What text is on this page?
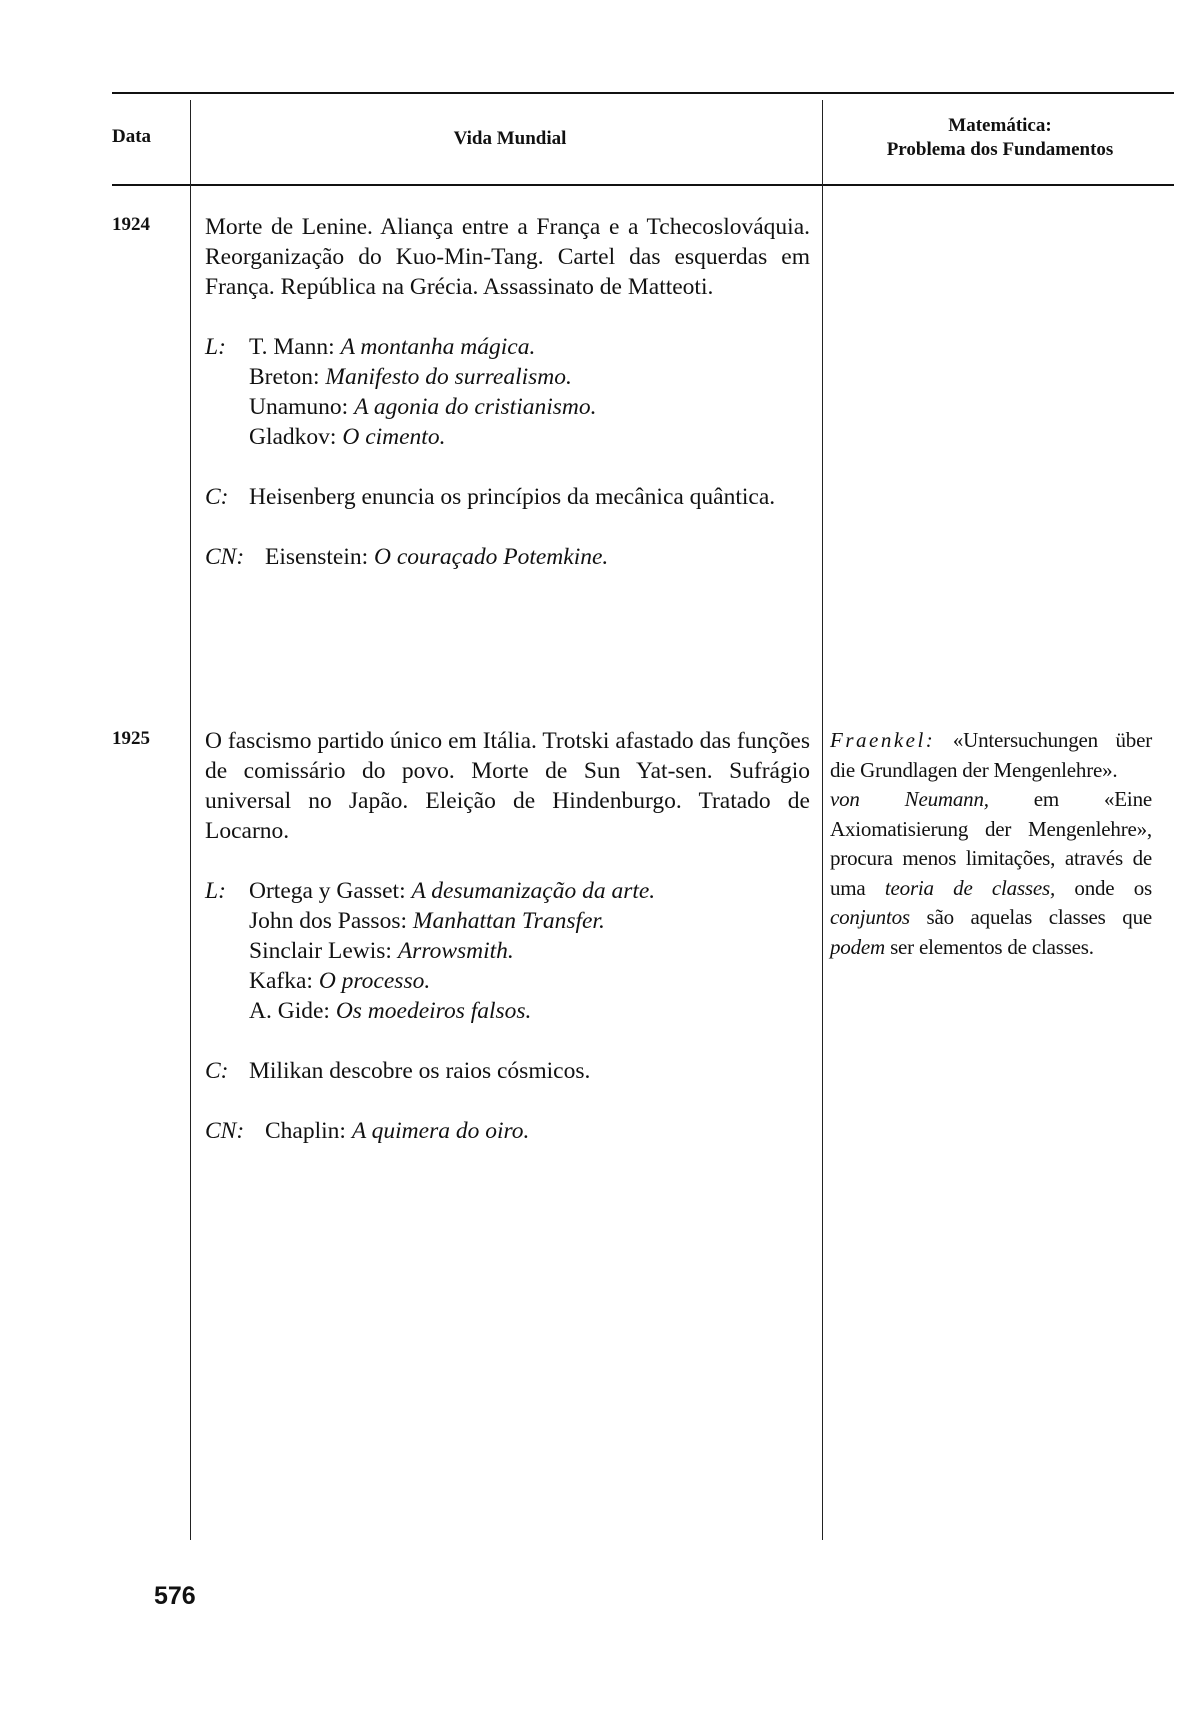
Data	Vida Mundial
Matemática:
Problema dos Fundamentos
1924 Morte de Lenine. Aliança entre a França e a Tchecoslováquia. Reorganização do Kuo-Min-Tang. Cartel das esquerdas em França. República na Grécia. Assassinato de Matteoti.

L: T. Mann: A montanha mágica.
Breton: Manifesto do surrealismo.
Unamuno: A agonia do cristianismo.
Gladkov: O cimento.
C: Heisenberg enuncia os princípios da mecânica quântica.
CN: Eisenstein: O couraçado Potemkine.
1925 O fascismo partido único em Itália. Trotski afastado das funções de comissário do povo. Morte de Sun Yat-sen. Sufrágio universal no Japão. Eleição de Hindenburgo. Tratado de Locarno.

L: Ortega y Gasset: A desumanização da arte.
John dos Passos: Manhattan Transfer.
Sinclair Lewis: Arrowsmith.
Kafka: O processo.
A. Gide: Os moedeiros falsos.
C: Milikan descobre os raios cósmicos.
CN: Chaplin: A quimera do oiro.

Fraenkel: «Untersuchungen über die Grundlagen der Mengenlehre».

von Neumann, em «Eine Axiomatisierung der Mengenlehre», procura menos limitações, através de uma teoria de classes, onde os conjuntos são aquelas classes que podem ser elementos de classes.

576
